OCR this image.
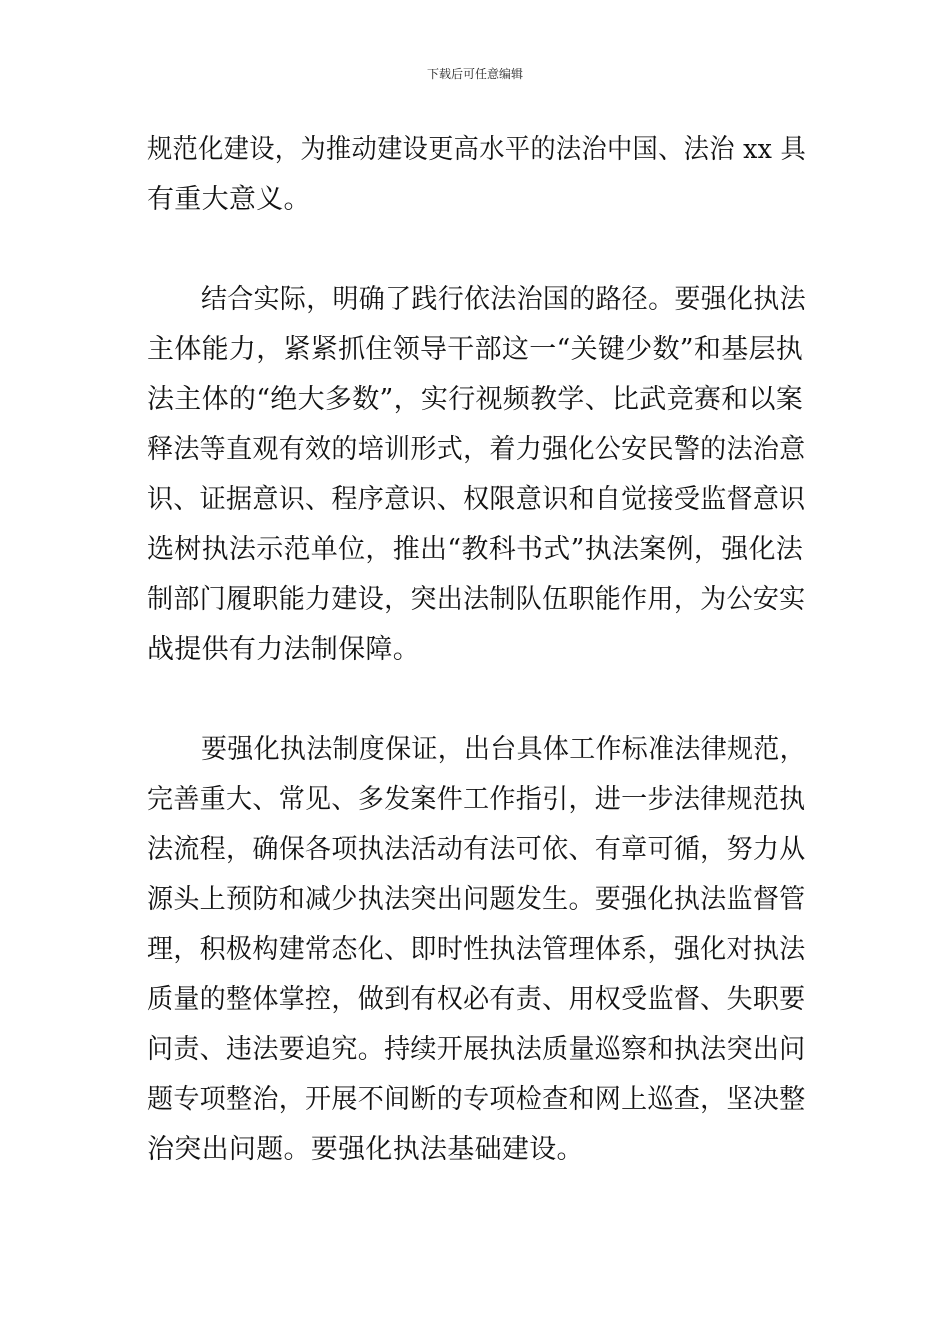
下载后可任意编辑
规范化建设，为推动建设更高水平的法治中国、法治 xx 具
有重大意义。
结合实际，明确了践行依法治国的路径。要强化执法
主体能力，紧紧抓住领导干部这一“关键少数”和基层执
法主体的“绝大多数”，实行视频教学、比武竞赛和以案
释法等直观有效的培训形式，着力强化公安民警的法治意
识、证据意识、程序意识、权限意识和自觉接受监督意识
选树执法示范单位，推出“教科书式”执法案例，强化法
制部门履职能力建设，突出法制队伍职能作用，为公安实
战提供有力法制保障。
要强化执法制度保证，出台具体工作标准法律规范，
完善重大、常见、多发案件工作指引，进一步法律规范执
法流程，确保各项执法活动有法可依、有章可循，努力从
源头上预防和减少执法突出问题发生。要强化执法监督管
理，积极构建常态化、即时性执法管理体系，强化对执法
质量的整体掌控，做到有权必有责、用权受监督、失职要
问责、违法要追究。持续开展执法质量巡察和执法突出问
题专项整治，开展不间断的专项检查和网上巡查，坚决整
治突出问题。要强化执法基础建设。
